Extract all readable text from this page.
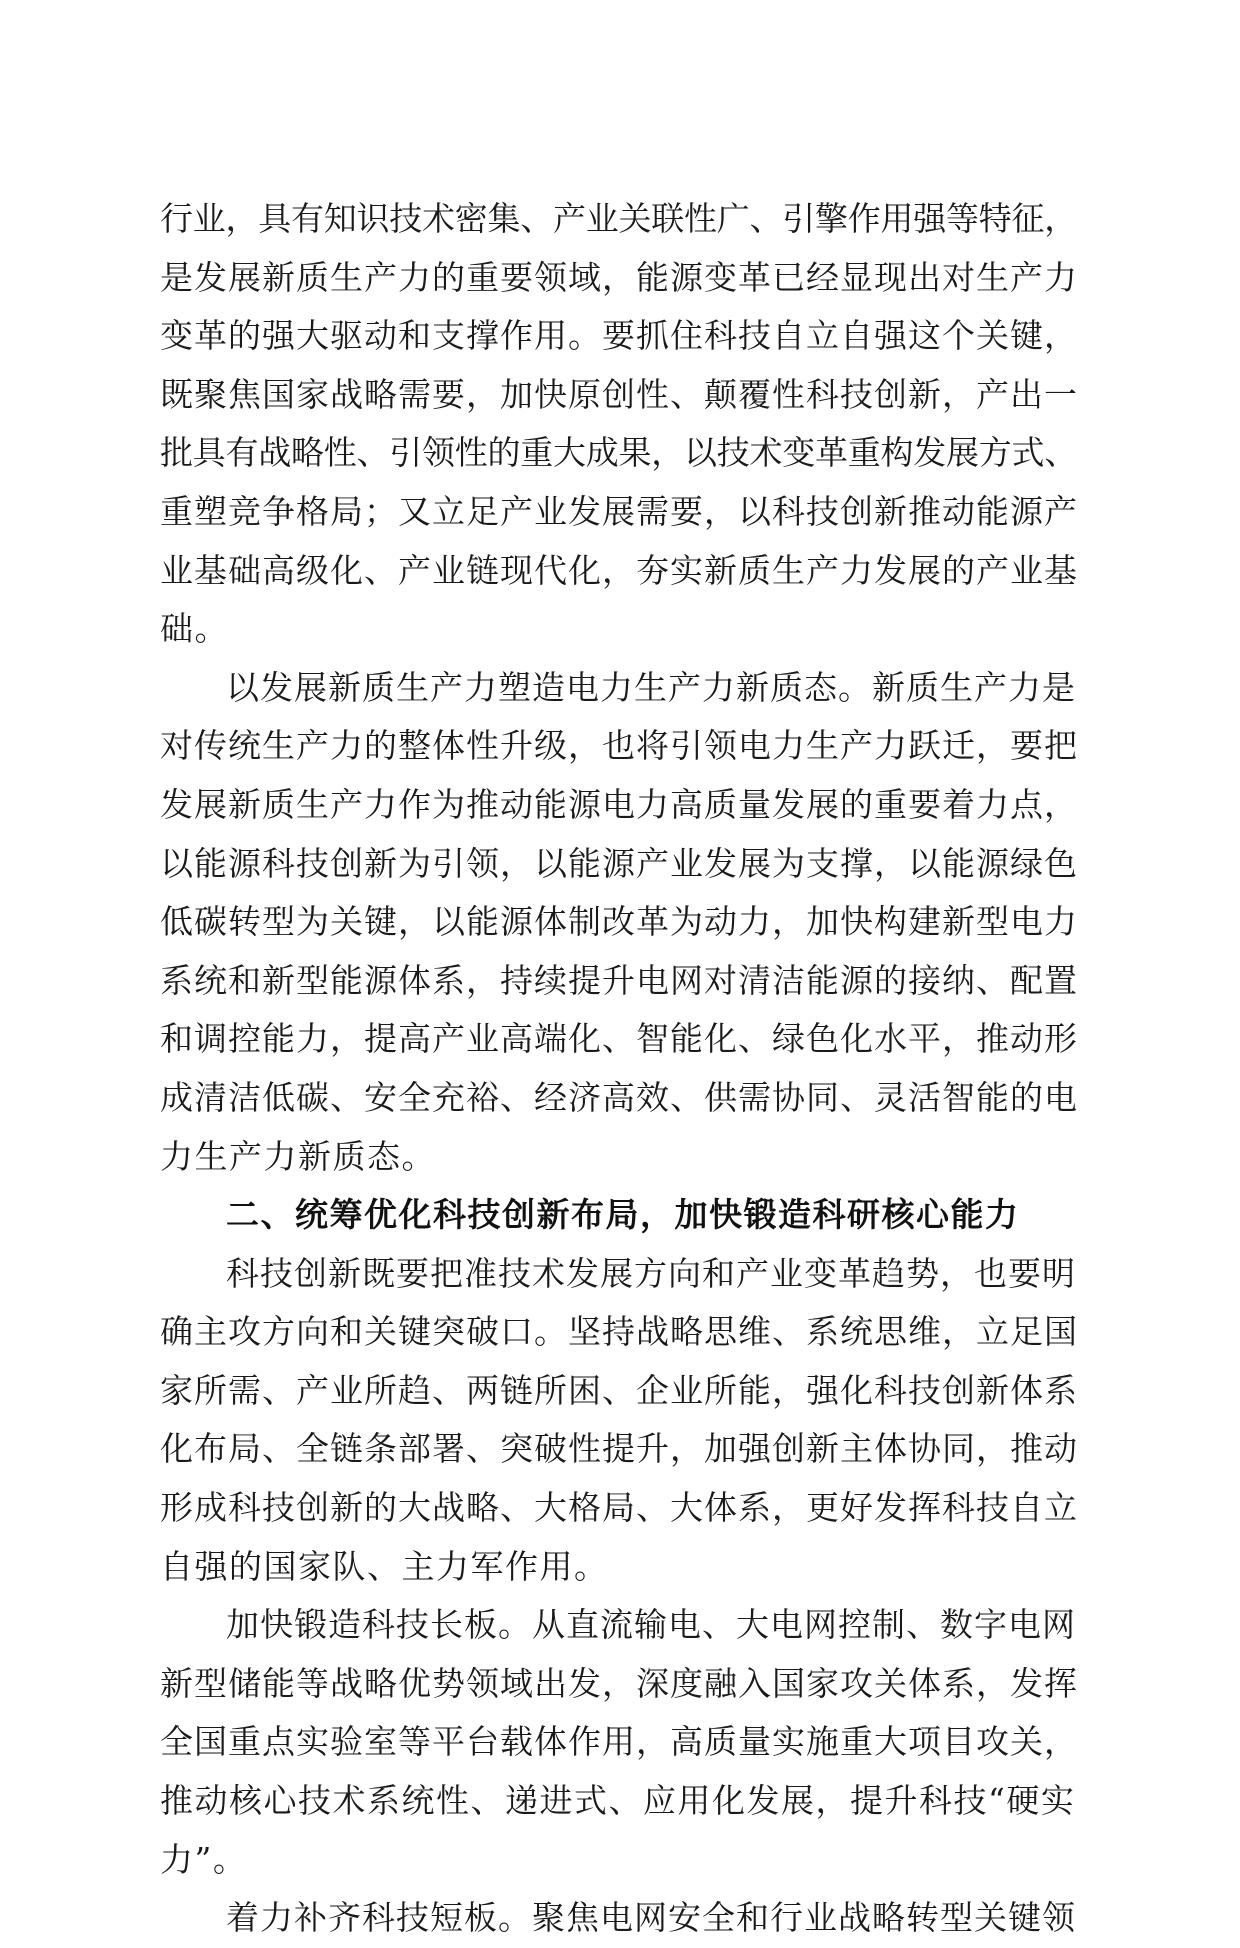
行业，具有知识技术密集、产业关联性广、引擎作用强等特征，
是发展新质生产力的重要领域，能源变革已经显现出对生产力
变革的强大驱动和支撑作用。要抓住科技自立自强这个关键，
既聚焦国家战略需要，加快原创性、颠覆性科技创新，产出一
批具有战略性、引领性的重大成果，以技术变革重构发展方式、
重塑竞争格局；又立足产业发展需要，以科技创新推动能源产
业基础高级化、产业链现代化，夯实新质生产力发展的产业基
础。
以发展新质生产力塑造电力生产力新质态。新质生产力是
对传统生产力的整体性升级，也将引领电力生产力跃迁，要把
发展新质生产力作为推动能源电力高质量发展的重要着力点，
以能源科技创新为引领，以能源产业发展为支撑，以能源绿色
低碳转型为关键，以能源体制改革为动力，加快构建新型电力
系统和新型能源体系，持续提升电网对清洁能源的接纳、配置
和调控能力，提高产业高端化、智能化、绿色化水平，推动形
成清洁低碳、安全充裕、经济高效、供需协同、灵活智能的电
力生产力新质态。
二、统筹优化科技创新布局，加快锻造科研核心能力
科技创新既要把准技术发展方向和产业变革趋势，也要明
确主攻方向和关键突破口。坚持战略思维、系统思维，立足国
家所需、产业所趋、两链所困、企业所能，强化科技创新体系
化布局、全链条部署、突破性提升，加强创新主体协同，推动
形成科技创新的大战略、大格局、大体系，更好发挥科技自立
自强的国家队、主力军作用。
加快锻造科技长板。从直流输电、大电网控制、数字电网
新型储能等战略优势领域出发，深度融入国家攻关体系，发挥
全国重点实验室等平台载体作用，高质量实施重大项目攻关，
推动核心技术系统性、递进式、应用化发展，提升科技“硬实
力”。
着力补齐科技短板。聚焦电网安全和行业战略转型关键领
